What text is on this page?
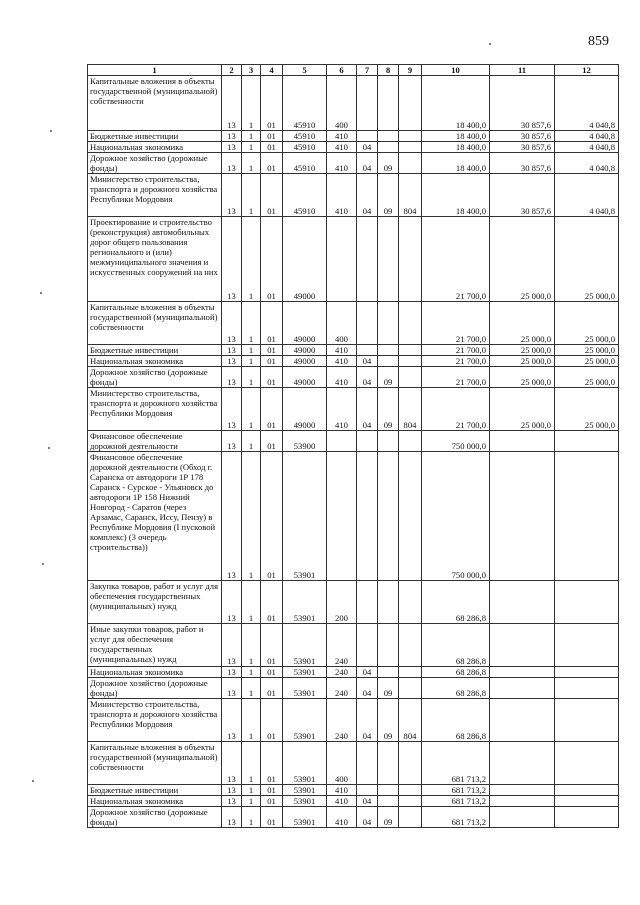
859
1	2	3	4	5	6	7	8	9	10	11	12
Капитальные вложения в объекты государственной (муниципальной) собственности	13	1	01	45910	400				18 400,0	30 857,6	4 040,8
Бюджетные инвестиции	13	1	01	45910	410				18 400,0	30 857,6	4 040,8
Национальная экономика	13	1	01	45910	410	04			18 400,0	30 857,6	4 040,8
Дорожное хозяйство (дорожные фонды)	13	1	01	45910	410	04	09		18 400,0	30 857,6	4 040,8
Министерство строительства, транспорта и дорожного хозяйства Республики Мордовия	13	1	01	45910	410	04	09	804	18 400,0	30 857,6	4 040,8
Проектирование и строительство (реконструкция) автомобильных дорог общего пользования регионального и (или) межмуниципального значения и искусственных сооружений на них	13	1	01	49000					21 700,0	25 000,0	25 000,0
Капитальные вложения в объекты государственной (муниципальной) собственности	13	1	01	49000	400				21 700,0	25 000,0	25 000,0
Бюджетные инвестиции	13	1	01	49000	410				21 700,0	25 000,0	25 000,0
Национальная экономика	13	1	01	49000	410	04			21 700,0	25 000,0	25 000,0
Дорожное хозяйство (дорожные фонды)	13	1	01	49000	410	04	09		21 700,0	25 000,0	25 000,0
Министерство строительства, транспорта и дорожного хозяйства Республики Мордовия	13	1	01	49000	410	04	09	804	21 700,0	25 000,0	25 000,0
Финансовое обеспечение дорожной деятельности	13	1	01	53900					750 000,0		
Финансовое обеспечение дорожной деятельности (Обход г. Саранска от автодороги 1Р 178 Саранск - Сурское - Ульяновск до автодороги 1Р 158 Нижний Новгород - Саратов (через Арзамас, Саранск, Иссу, Пензу) в Республике Мордовия (I пусковой комплекс) (3 очередь строительства))	13	1	01	53901					750 000,0		
Закупка товаров, работ и услуг для обеспечения государственных (муниципальных) нужд	13	1	01	53901	200				68 286,8		
Иные закупки товаров, работ и услуг для обеспечения государственных (муниципальных) нужд	13	1	01	53901	240				68 286,8		
Национальная экономика	13	1	01	53901	240	04			68 286,8		
Дорожное хозяйство (дорожные фонды)	13	1	01	53901	240	04	09		68 286,8		
Министерство строительства, транспорта и дорожного хозяйства Республики Мордовия	13	1	01	53901	240	04	09	804	68 286,8		
Капитальные вложения в объекты государственной (муниципальной) собственности	13	1	01	53901	400				681 713,2		
Бюджетные инвестиции	13	1	01	53901	410				681 713,2		
Национальная экономика	13	1	01	53901	410	04			681 713,2		
Дорожное хозяйство (дорожные фонды)	13	1	01	53901	410	04	09		681 713,2		
